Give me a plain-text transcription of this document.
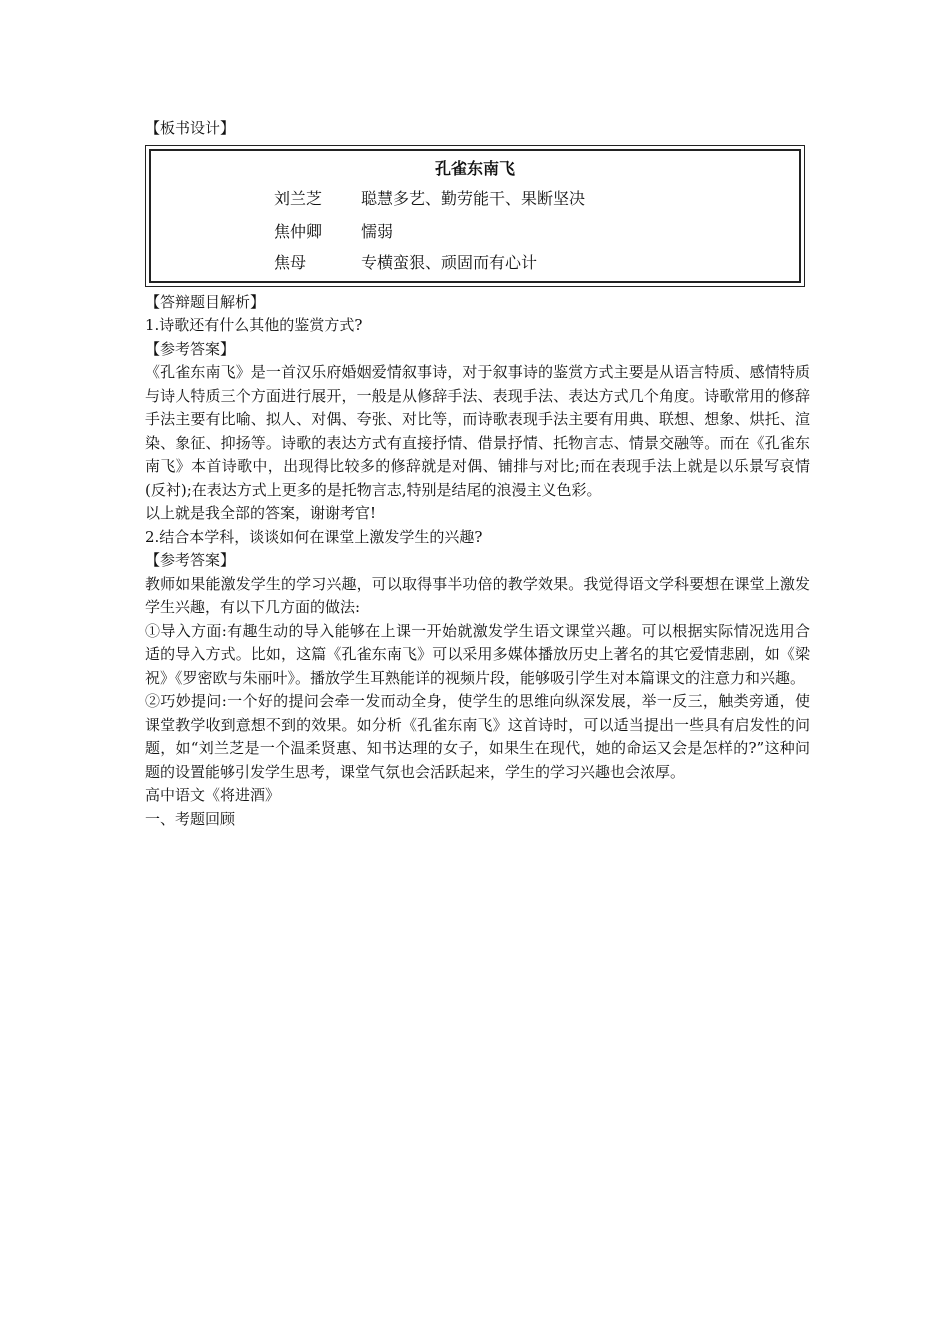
【板书设计】
孔雀东南飞
刘兰芝 聪慧多艺、勤劳能干、果断坚决
焦仲卿 懦弱
焦母	专横蛮狠、顽固而有心计
【答辩题目解析】
1.诗歌还有什么其他的鉴赏方式?
【参考答案】

《孔雀东南飞》是一首汉乐府婚姻爱情叙事诗，对于叙事诗的鉴赏方式主要是从语言特质、感情特质与诗人特质三个方面进行展开，一般是从修辞手法、表现手法、表达方式几个角度。诗歌常用的修辞手法主要有比喻、拟人、对偶、夸张、对比等，而诗歌表现手法主要有用典、联想、想象、烘托、渲染、象征、抑扬等。诗歌的表达方式有直接抒情、借景抒情、托物言志、情景交融等。而在《孔雀东南飞》本首诗歌中，出现得比较多的修辞就是对偶、铺排与对比;而在表现手法上就是以乐景写哀情(反衬);在表达方式上更多的是托物言志,特别是结尾的浪漫主义色彩。

以上就是我全部的答案，谢谢考官!
2.结合本学科，谈谈如何在课堂上激发学生的兴趣?
【参考答案】

教师如果能激发学生的学习兴趣，可以取得事半功倍的教学效果。我觉得语文学科要想在课堂上激发学生兴趣，有以下几方面的做法:

①导入方面:有趣生动的导入能够在上课一开始就激发学生语文课堂兴趣。可以根据实际情况选用合适的导入方式。比如，这篇《孔雀东南飞》可以采用多媒体播放历史上著名的其它爱情悲剧，如《梁祝》《罗密欧与朱丽叶》。播放学生耳熟能详的视频片段，能够吸引学生对本篇课文的注意力和兴趣。

②巧妙提问:一个好的提问会牵一发而动全身，使学生的思维向纵深发展，举一反三，触类旁通，使课堂教学收到意想不到的效果。如分析《孔雀东南飞》这首诗时，可以适当提出一些具有启发性的问题，如“刘兰芝是一个温柔贤惠、知书达理的女子，如果生在现代，她的命运又会是怎样的?”这种问题的设置能够引发学生思考，课堂气氛也会活跃起来，学生的学习兴趣也会浓厚。

高中语文《将进酒》
一、考题回顾
